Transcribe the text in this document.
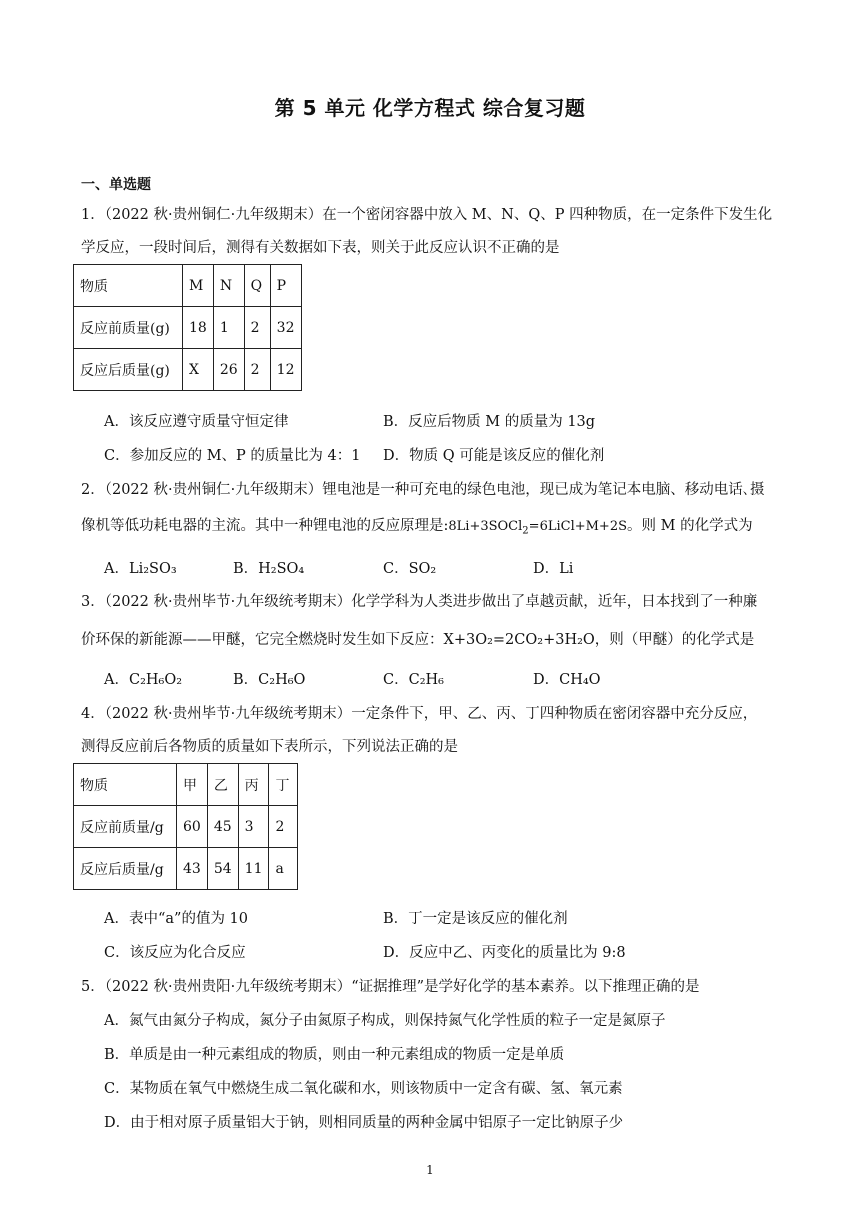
第 5 单元 化学方程式 综合复习题
一、单选题
1．（2022 秋·贵州铜仁·九年级期末）在一个密闭容器中放入 M、N、Q、P 四种物质，在一定条件下发生化
学反应，一段时间后，测得有关数据如下表，则关于此反应认识不正确的是
物质	M	N	Q	P
反应前质量(g)	18	1	2	32
反应后质量(g)	X	26	2	12
A．该反应遵守质量守恒定律	B．反应后物质 M 的质量为 13g
C．参加反应的 M、P 的质量比为 4：1 D．物质 Q 可能是该反应的催化剂
2．（2022 秋·贵州铜仁·九年级期末）锂电池是一种可充电的绿色电池，现已成为笔记本电脑、移动电话､摄
像机等低功耗电器的主流。其中一种锂电池的反应原理是:8Li+3SOCl$_2$=6LiCl+M+2S。则 M 的化学式为
A．Li₂SO₃	B．H₂SO₄	C．SO₂	D．Li
3．（2022 秋·贵州毕节·九年级统考期末）化学学科为人类进步做出了卓越贡献，近年，日本找到了一种廉
价环保的新能源——甲醚，它完全燃烧时发生如下反应：X+3O₂=2CO₂+3H₂O，则（甲醚）的化学式是
A．C₂H₆O₂	B．C₂H₆O	C．C₂H₆	D．CH₄O
4．（2022 秋·贵州毕节·九年级统考期末）一定条件下，甲、乙、丙、丁四种物质在密闭容器中充分反应，
测得反应前后各物质的质量如下表所示，下列说法正确的是
物质	甲	乙	丙	丁
反应前质量/g	60	45	3	2
反应后质量/g	43	54	11	a
A．表中“a”的值为 10	B．丁一定是该反应的催化剂
C．该反应为化合反应	D．反应中乙、丙变化的质量比为 9:8
5．（2022 秋·贵州贵阳·九年级统考期末）“证据推理”是学好化学的基本素养。以下推理正确的是
A．氮气由氮分子构成，氮分子由氮原子构成，则保持氮气化学性质的粒子一定是氮原子
B．单质是由一种元素组成的物质，则由一种元素组成的物质一定是单质
C．某物质在氧气中燃烧生成二氧化碳和水，则该物质中一定含有碳、氢、氧元素
D．由于相对原子质量铝大于钠，则相同质量的两种金属中铝原子一定比钠原子少
1
